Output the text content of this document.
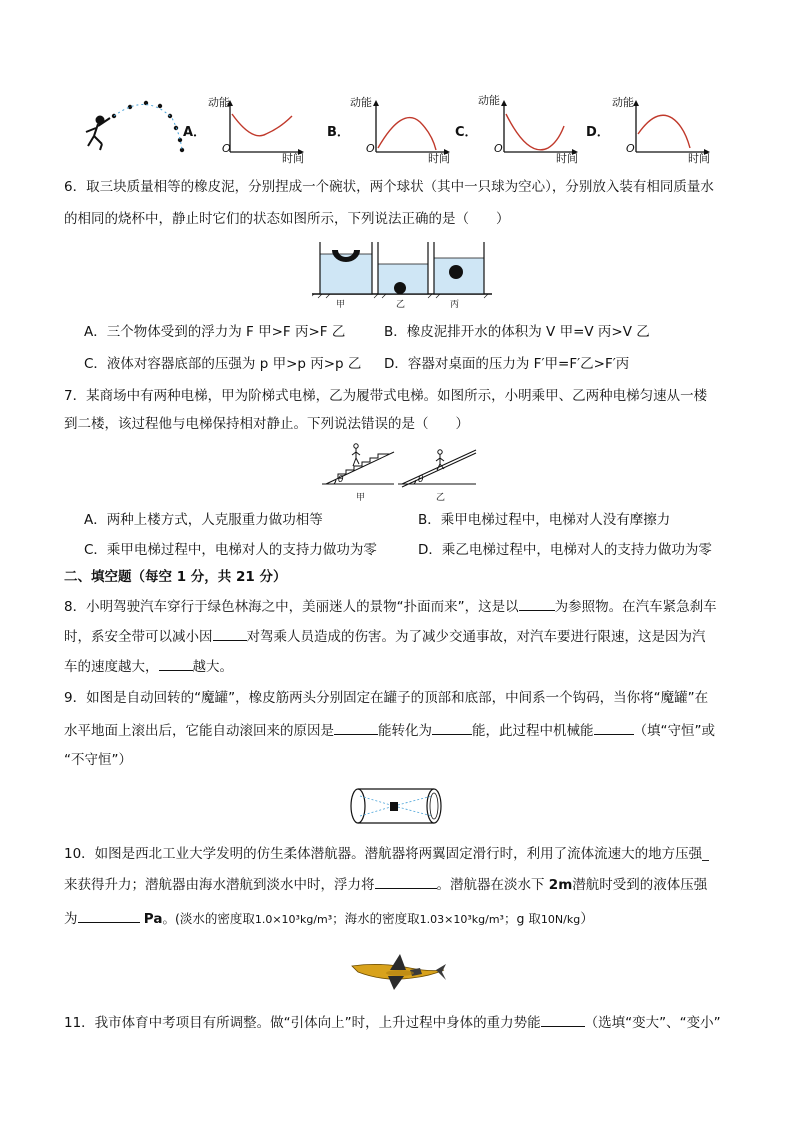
A．
动能
O
时间
B．
动能
O
时间
C．
动能
O
时间
D．
动能
O
时间
6．取三块质量相等的橡皮泥，分别捏成一个碗状，两个球状（其中一只球为空心），分别放入装有相同质量水
的相同的烧杯中，静止时它们的状态如图所示，下列说法正确的是（　　）
甲	乙	丙
A．三个物体受到的浮力为 F 甲>F 丙>F 乙	B．橡皮泥排开水的体积为 V 甲=V 丙>V 乙
C．液体对容器底部的压强为 p 甲>p 丙>p 乙 D．容器对桌面的压力为 F′甲=F′乙>F′丙
7．某商场中有两种电梯，甲为阶梯式电梯，乙为履带式电梯。如图所示，小明乘甲、乙两种电梯匀速从一楼
到二楼，该过程他与电梯保持相对静止。下列说法错误的是（　　）
θ	θ
甲	乙
A．两种上楼方式，人克服重力做功相等	B．乘甲电梯过程中，电梯对人没有摩擦力
C．乘甲电梯过程中，电梯对人的支持力做功为零	D．乘乙电梯过程中，电梯对人的支持力做功为零
二、填空题（每空 1 分，共 21 分）
8．小明驾驶汽车穿行于绿色林海之中，美丽迷人的景物“扑面而来”，这是以	为参照物。在汽车紧急刹车
时，系安全带可以减小因	对驾乘人员造成的伤害。为了减少交通事故，对汽车要进行限速，这是因为汽
车的速度越大，	越大。
9．如图是自动回转的“魔罐”，橡皮筋两头分别固定在罐子的顶部和底部，中间系一个钩码，当你将“魔罐”在
水平地面上滚出后，它能自动滚回来的原因是	能转化为	能，此过程中机械能	（填“守恒”或
“不守恒”）
10．如图是西北工业大学发明的仿生柔体潜航器。潜航器将两翼固定滑行时，利用了流体流速大的地方压强_
来获得升力；潜航器由海水潜航到淡水中时，浮力将	。潜航器在淡水下 2m潜航时受到的液体压强
为	Pa。(淡水的密度取1.0×10³kg/m³；海水的密度取1.03×10³kg/m³；g 取10N/kg）
11．我市体育中考项目有所调整。做“引体向上”时，上升过程中身体的重力势能	（选填“变大”、“变小”
